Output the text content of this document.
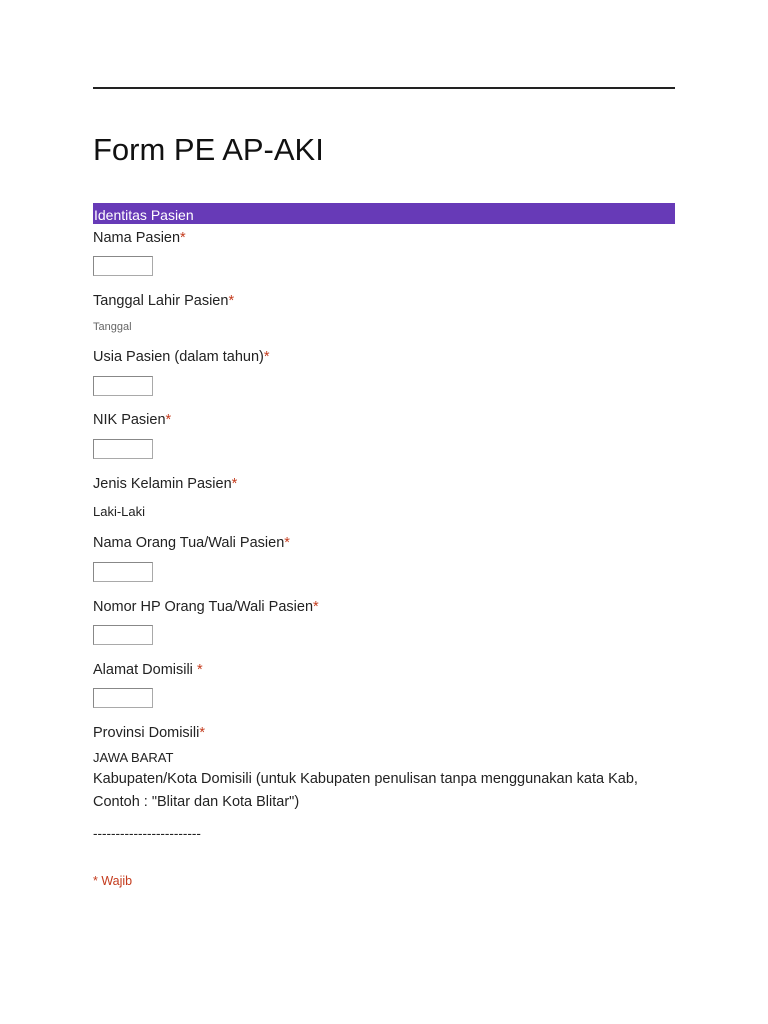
Form PE AP-AKI
Identitas Pasien
Nama Pasien*
Tanggal Lahir Pasien*
Tanggal
Usia Pasien (dalam tahun)*
NIK Pasien*
Jenis Kelamin Pasien*
Laki-Laki
Nama Orang Tua/Wali Pasien*
Nomor HP Orang Tua/Wali Pasien*
Alamat Domisili *
Provinsi Domisili*
JAWA BARAT
Kabupaten/Kota Domisili (untuk Kabupaten penulisan tanpa menggunakan kata Kab, Contoh : "Blitar dan Kota Blitar")
------------------------
* Wajib
